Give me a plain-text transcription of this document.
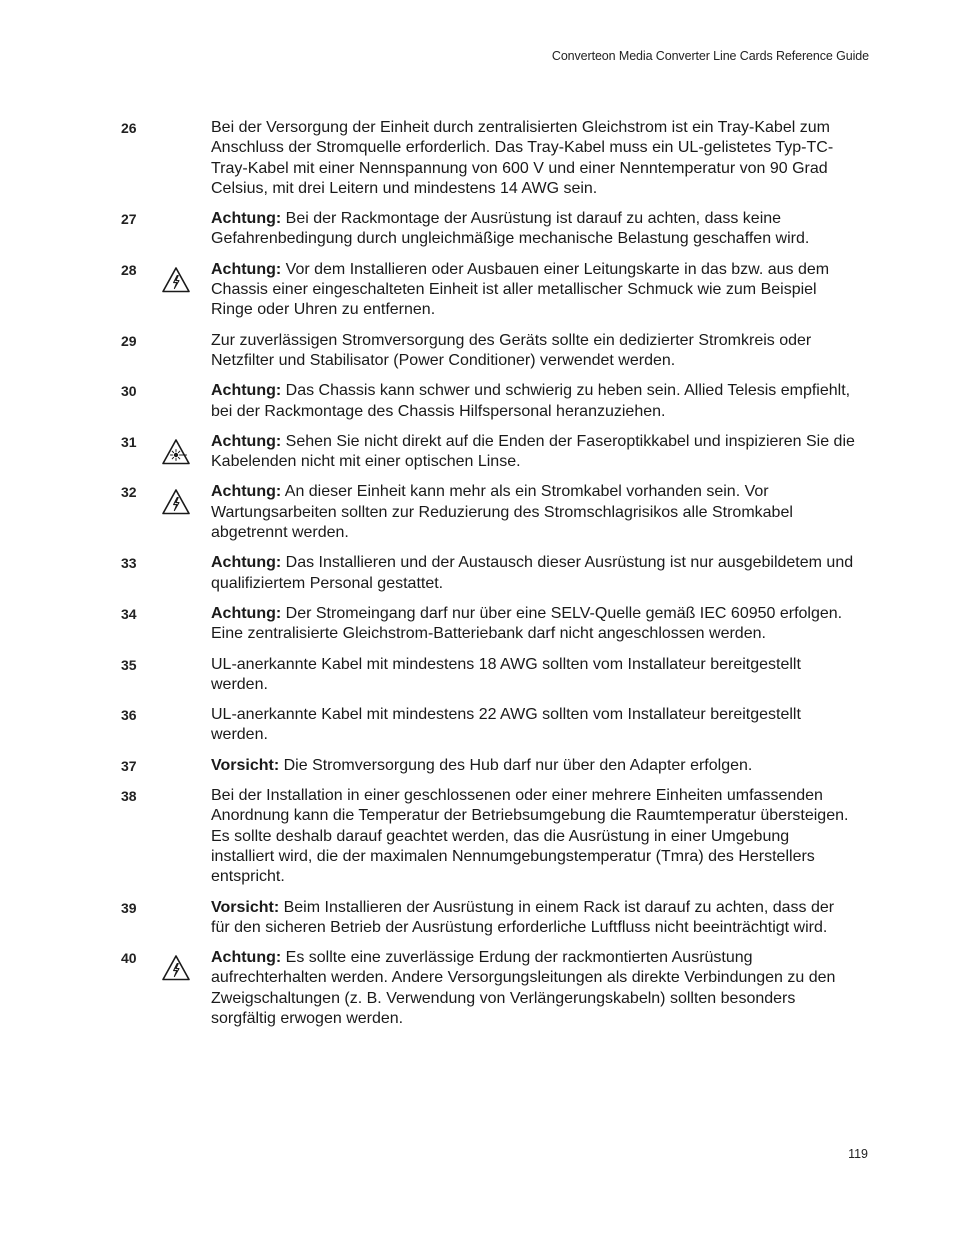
Converteon Media Converter Line Cards Reference Guide
26	Bei der Versorgung der Einheit durch zentralisierten Gleichstrom ist ein Tray-Kabel zum Anschluss der Stromquelle erforderlich. Das Tray-Kabel muss ein UL-gelistetes Typ-TC-Tray-Kabel mit einer Nennspannung von 600 V und einer Nenntemperatur von 90 Grad Celsius, mit drei Leitern und mindestens 14 AWG sein.
27	Achtung: Bei der Rackmontage der Ausrüstung ist darauf zu achten, dass keine Gefahrenbedingung durch ungleichmäßige mechanische Belastung geschaffen wird.
28	Achtung: Vor dem Installieren oder Ausbauen einer Leitungskarte in das bzw. aus dem Chassis einer eingeschalteten Einheit ist aller metallischer Schmuck wie zum Beispiel Ringe oder Uhren zu entfernen.
29	Zur zuverlässigen Stromversorgung des Geräts sollte ein dedizierter Stromkreis oder Netzfilter und Stabilisator (Power Conditioner) verwendet werden.
30	Achtung: Das Chassis kann schwer und schwierig zu heben sein. Allied Telesis empfiehlt, bei der Rackmontage des Chassis Hilfspersonal heranzuziehen.
31	Achtung: Sehen Sie nicht direkt auf die Enden der Faseroptikkabel und inspizieren Sie die Kabelenden nicht mit einer optischen Linse.
32	Achtung: An dieser Einheit kann mehr als ein Stromkabel vorhanden sein. Vor Wartungsarbeiten sollten zur Reduzierung des Stromschlagrisikos alle Stromkabel abgetrennt werden.
33	Achtung: Das Installieren und der Austausch dieser Ausrüstung ist nur ausgebildetem und qualifiziertem Personal gestattet.
34	Achtung: Der Stromeingang darf nur über eine SELV-Quelle gemäß IEC 60950 erfolgen. Eine zentralisierte Gleichstrom-Batteriebank darf nicht angeschlossen werden.
35	UL-anerkannte Kabel mit mindestens 18 AWG sollten vom Installateur bereitgestellt werden.
36	UL-anerkannte Kabel mit mindestens 22 AWG sollten vom Installateur bereitgestellt werden.
37	Vorsicht: Die Stromversorgung des Hub darf nur über den Adapter erfolgen.
38	Bei der Installation in einer geschlossenen oder einer mehrere Einheiten umfassenden Anordnung kann die Temperatur der Betriebsumgebung die Raumtemperatur übersteigen. Es sollte deshalb darauf geachtet werden, das die Ausrüstung in einer Umgebung installiert wird, die der maximalen Nennumgebungstemperatur (Tmra) des Herstellers entspricht.
39	Vorsicht: Beim Installieren der Ausrüstung in einem Rack ist darauf zu achten, dass der für den sicheren Betrieb der Ausrüstung erforderliche Luftfluss nicht beeinträchtigt wird.
40	Achtung: Es sollte eine zuverlässige Erdung der rackmontierten Ausrüstung aufrechterhalten werden. Andere Versorgungsleitungen als direkte Verbindungen zu den Zweigschaltungen (z. B. Verwendung von Verlängerungskabeln) sollten besonders sorgfältig erwogen werden.
119
